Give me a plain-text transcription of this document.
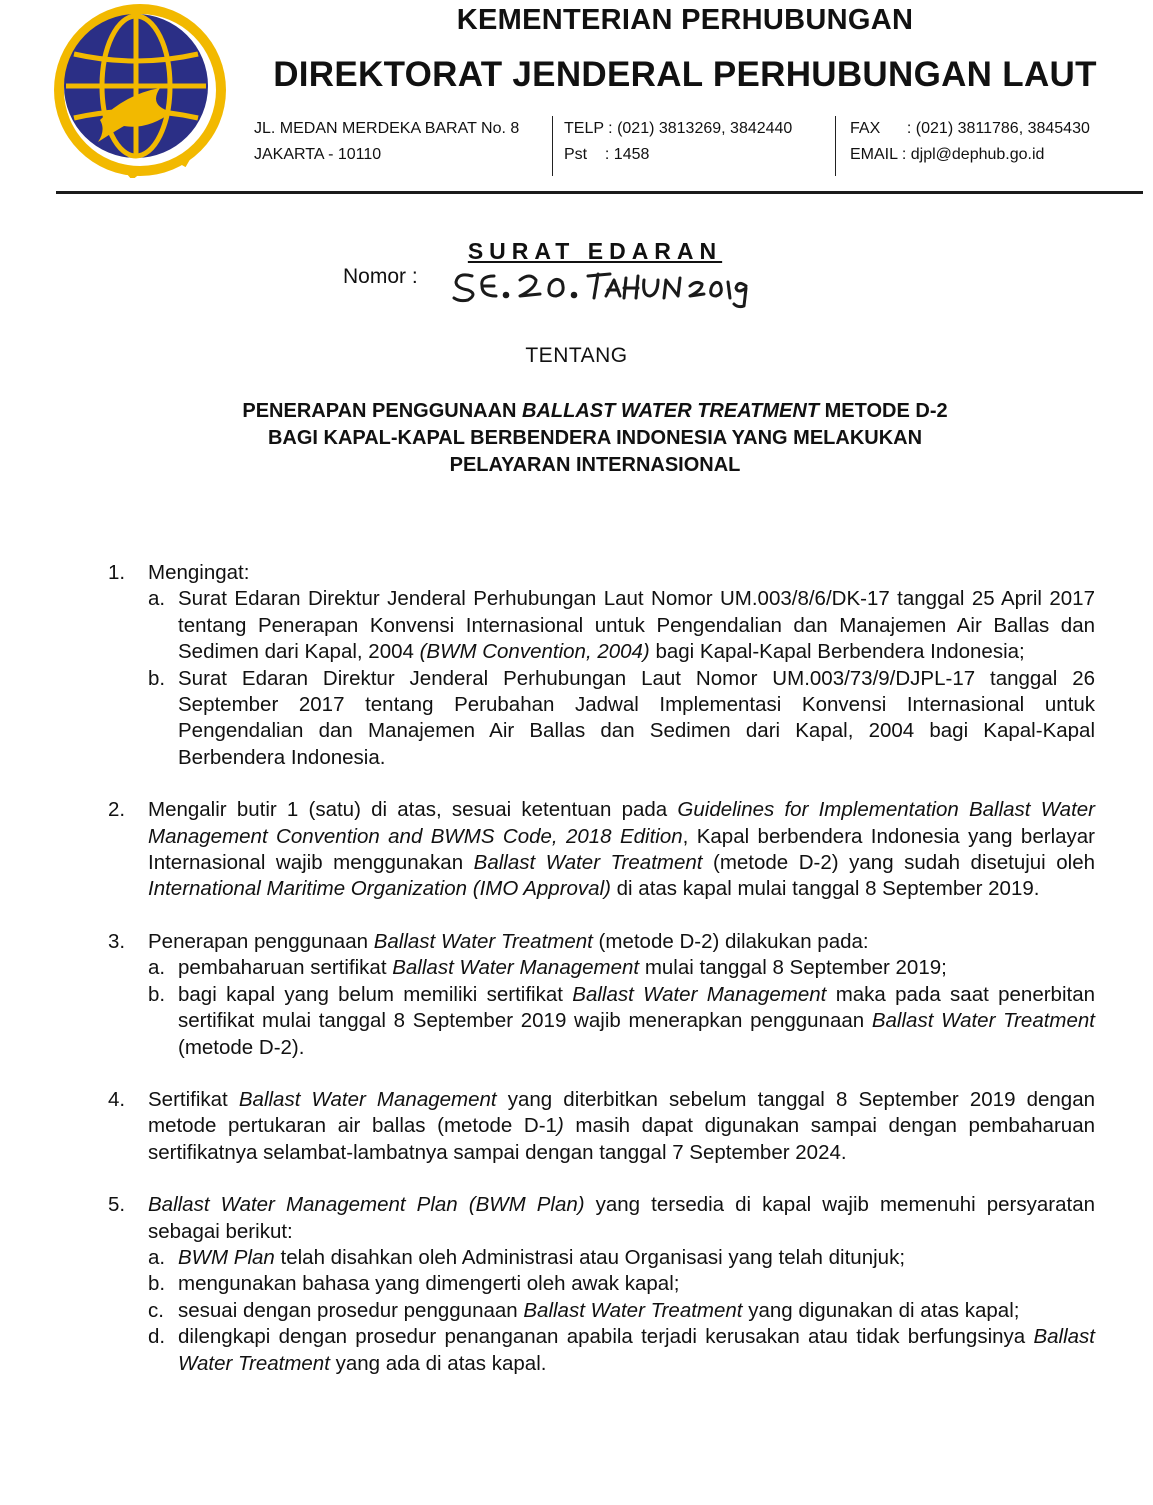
KEMENTERIAN PERHUBUNGAN
DIREKTORAT JENDERAL PERHUBUNGAN LAUT
JL. MEDAN MERDEKA BARAT No. 8
JAKARTA - 10110
TELP : (021) 3813269, 3842440
Pst    : 1458
FAX      : (021) 3811786, 3845430
EMAIL : djpl@dephub.go.id
SURAT EDARAN
Nomor :
TENTANG
PENERAPAN PENGGUNAAN BALLAST WATER TREATMENT METODE D-2
BAGI KAPAL-KAPAL BERBENDERA INDONESIA YANG MELAKUKAN
PELAYARAN INTERNASIONAL
1. Mengingat:

a. Surat Edaran Direktur Jenderal Perhubungan Laut Nomor UM.003/8/6/DK-17 tanggal 25 April 2017 tentang Penerapan Konvensi Internasional untuk Pengendalian dan Manajemen Air Ballas dan Sedimen dari Kapal, 2004 (BWM Convention, 2004) bagi Kapal-Kapal Berbendera Indonesia;

b. Surat Edaran Direktur Jenderal Perhubungan Laut Nomor UM.003/73/9/DJPL-17 tanggal 26 September 2017 tentang Perubahan Jadwal Implementasi Konvensi Internasional untuk Pengendalian dan Manajemen Air Ballas dan Sedimen dari Kapal, 2004 bagi Kapal-Kapal Berbendera Indonesia.

2. Mengalir butir 1 (satu) di atas, sesuai ketentuan pada Guidelines for Implementation Ballast Water Management Convention and BWMS Code, 2018 Edition, Kapal berbendera Indonesia yang berlayar Internasional wajib menggunakan Ballast Water Treatment (metode D-2) yang sudah disetujui oleh International Maritime Organization (IMO Approval) di atas kapal mulai tanggal 8 September 2019.

3. Penerapan penggunaan Ballast Water Treatment (metode D-2) dilakukan pada:

a. pembaharuan sertifikat Ballast Water Management mulai tanggal 8 September 2019;

b. bagi kapal yang belum memiliki sertifikat Ballast Water Management maka pada saat penerbitan sertifikat mulai tanggal 8 September 2019 wajib menerapkan penggunaan Ballast Water Treatment (metode D-2).

4. Sertifikat Ballast Water Management yang diterbitkan sebelum tanggal 8 September 2019 dengan metode pertukaran air ballas (metode D-1) masih dapat digunakan sampai dengan pembaharuan sertifikatnya selambat-lambatnya sampai dengan tanggal 7 September 2024.

5. Ballast Water Management Plan (BWM Plan) yang tersedia di kapal wajib memenuhi persyaratan sebagai berikut:

a. BWM Plan telah disahkan oleh Administrasi atau Organisasi yang telah ditunjuk;

b. mengunakan bahasa yang dimengerti oleh awak kapal;

c. sesuai dengan prosedur penggunaan Ballast Water Treatment yang digunakan di atas kapal;

d. dilengkapi dengan prosedur penanganan apabila terjadi kerusakan atau tidak berfungsinya Ballast Water Treatment yang ada di atas kapal.
